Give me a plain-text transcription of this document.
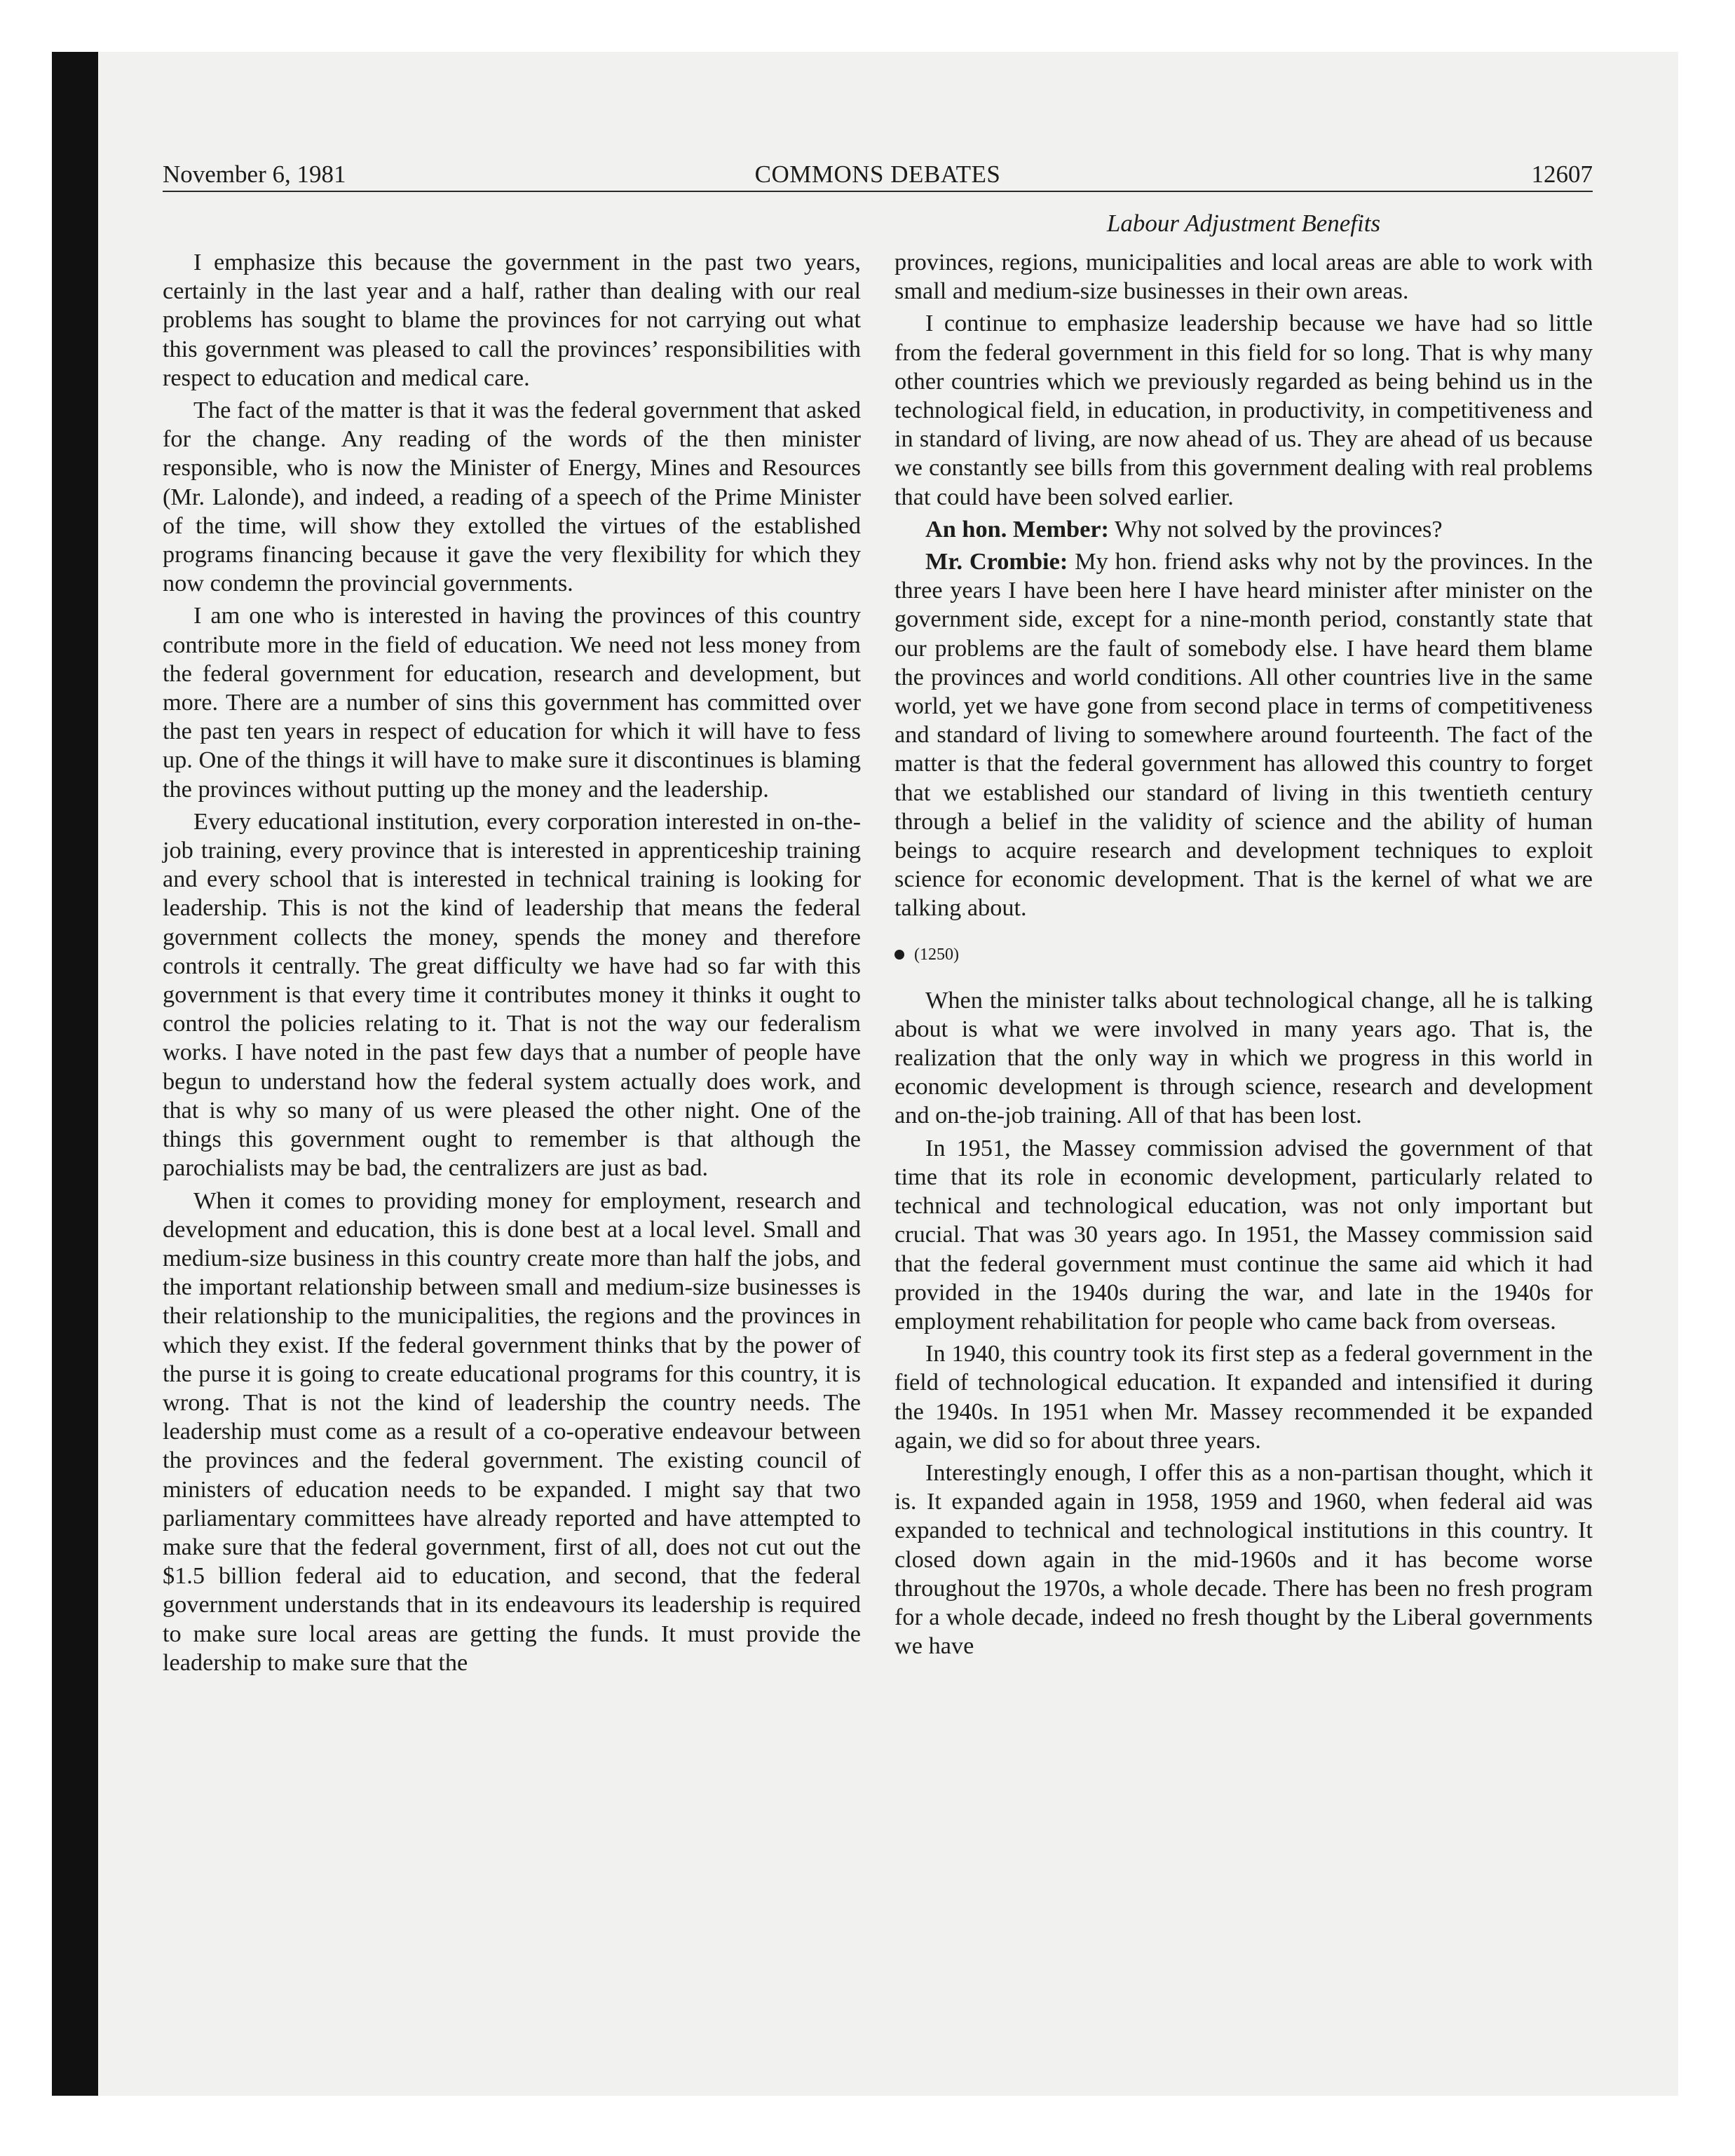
November 6, 1981	COMMONS DEBATES	12607
Labour Adjustment Benefits

I emphasize this because the government in the past two years, certainly in the last year and a half, rather than dealing with our real problems has sought to blame the provinces for not carrying out what this government was pleased to call the provinces’ responsibilities with respect to education and medical care.

The fact of the matter is that it was the federal government that asked for the change. Any reading of the words of the then minister responsible, who is now the Minister of Energy, Mines and Resources (Mr. Lalonde), and indeed, a reading of a speech of the Prime Minister of the time, will show they extolled the virtues of the established programs financing because it gave the very flexibility for which they now condemn the provincial governments.

I am one who is interested in having the provinces of this country contribute more in the field of education. We need not less money from the federal government for education, research and development, but more. There are a number of sins this government has committed over the past ten years in respect of education for which it will have to fess up. One of the things it will have to make sure it discontinues is blaming the provinces without putting up the money and the leadership.

Every educational institution, every corporation interested in on-the-job training, every province that is interested in apprenticeship training and every school that is interested in technical training is looking for leadership. This is not the kind of leadership that means the federal government collects the money, spends the money and therefore controls it centrally. The great difficulty we have had so far with this government is that every time it contributes money it thinks it ought to control the policies relating to it. That is not the way our federalism works. I have noted in the past few days that a number of people have begun to understand how the federal system actually does work, and that is why so many of us were pleased the other night. One of the things this government ought to remember is that although the parochialists may be bad, the centralizers are just as bad.

When it comes to providing money for employment, research and development and education, this is done best at a local level. Small and medium-size business in this country create more than half the jobs, and the important relationship between small and medium-size businesses is their relationship to the municipalities, the regions and the provinces in which they exist. If the federal government thinks that by the power of the purse it is going to create educational programs for this country, it is wrong. That is not the kind of leadership the country needs. The leadership must come as a result of a co-operative endeavour between the provinces and the federal government. The existing council of ministers of education needs to be expanded. I might say that two parliamentary committees have already reported and have attempted to make sure that the federal government, first of all, does not cut out the $1.5 billion federal aid to education, and second, that the federal government understands that in its endeavours its leadership is required to make sure local areas are getting the funds. It must provide the leadership to make sure that the

provinces, regions, municipalities and local areas are able to work with small and medium-size businesses in their own areas.

I continue to emphasize leadership because we have had so little from the federal government in this field for so long. That is why many other countries which we previously regarded as being behind us in the technological field, in education, in productivity, in competitiveness and in standard of living, are now ahead of us. They are ahead of us because we constantly see bills from this government dealing with real problems that could have been solved earlier.

An hon. Member: Why not solved by the provinces?

Mr. Crombie: My hon. friend asks why not by the provinces. In the three years I have been here I have heard minister after minister on the government side, except for a nine-month period, constantly state that our problems are the fault of somebody else. I have heard them blame the provinces and world conditions. All other countries live in the same world, yet we have gone from second place in terms of competitiveness and standard of living to somewhere around fourteenth. The fact of the matter is that the federal government has allowed this country to forget that we established our standard of living in this twentieth century through a belief in the validity of science and the ability of human beings to acquire research and development techniques to exploit science for economic development. That is the kernel of what we are talking about.

(1250)

When the minister talks about technological change, all he is talking about is what we were involved in many years ago. That is, the realization that the only way in which we progress in this world in economic development is through science, research and development and on-the-job training. All of that has been lost.

In 1951, the Massey commission advised the government of that time that its role in economic development, particularly related to technical and technological education, was not only important but crucial. That was 30 years ago. In 1951, the Massey commission said that the federal government must continue the same aid which it had provided in the 1940s during the war, and late in the 1940s for employment rehabilitation for people who came back from overseas.

In 1940, this country took its first step as a federal government in the field of technological education. It expanded and intensified it during the 1940s. In 1951 when Mr. Massey recommended it be expanded again, we did so for about three years.

Interestingly enough, I offer this as a non-partisan thought, which it is. It expanded again in 1958, 1959 and 1960, when federal aid was expanded to technical and technological institutions in this country. It closed down again in the mid-1960s and it has become worse throughout the 1970s, a whole decade. There has been no fresh program for a whole decade, indeed no fresh thought by the Liberal governments we have
